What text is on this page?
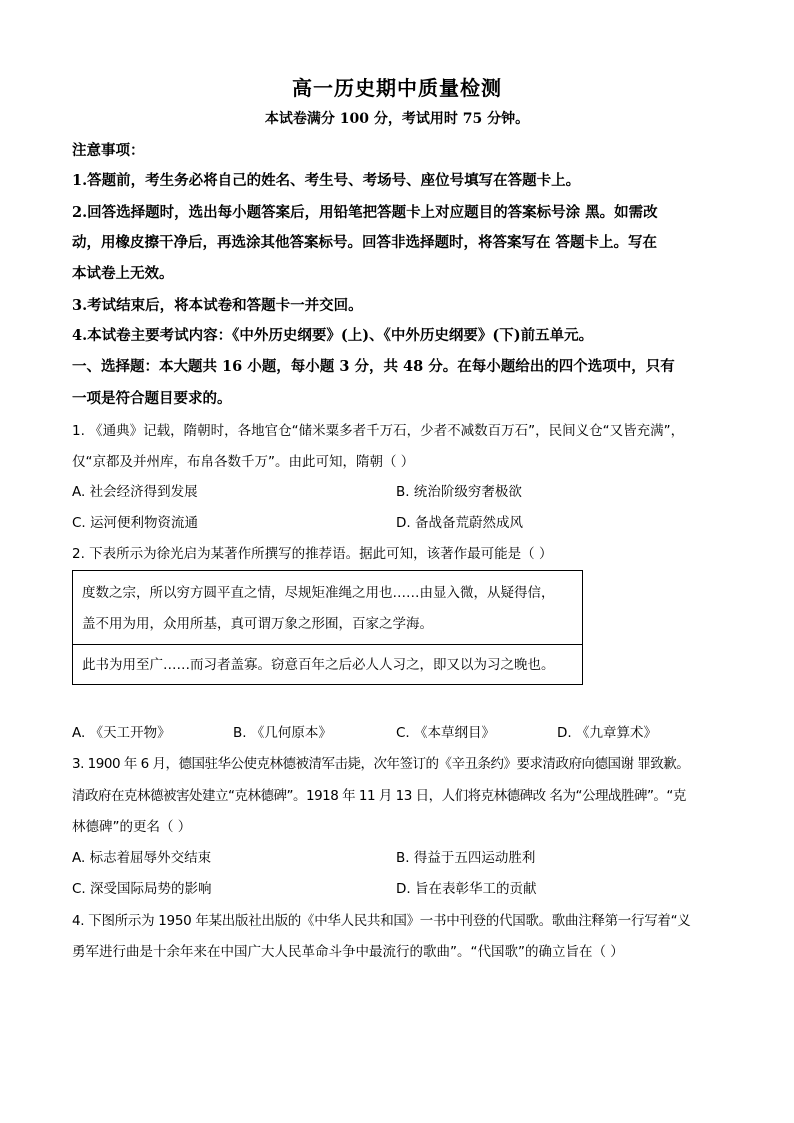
高一历史期中质量检测
本试卷满分 100 分，考试用时 75 分钟。
注意事项：
1.答题前，考生务必将自己的姓名、考生号、考场号、座位号填写在答题卡上。
2.回答选择题时，选出每小题答案后，用铅笔把答题卡上对应题目的答案标号涂 黑。如需改
动，用橡皮擦干净后，再选涂其他答案标号。回答非选择题时，将答案写在 答题卡上。写在
本试卷上无效。
3.考试结束后，将本试卷和答题卡一并交回。
4.本试卷主要考试内容：《中外历史纲要》(上)、《中外历史纲要》(下)前五单元。
一、选择题：本大题共 16 小题，每小题 3 分，共 48 分。在每小题给出的四个选项中，只有
一项是符合题目要求的。
1. 《通典》记载，隋朝时，各地官仓“储米粟多者千万石，少者不减数百万石”，民间义仓“又皆充满”，
仅“京都及并州库，布帛各数千万”。由此可知，隋朝（ ）
A. 社会经济得到发展	B. 统治阶级穷奢极欲
C. 运河便利物资流通	D. 备战备荒蔚然成风
2. 下表所示为徐光启为某著作所撰写的推荐语。据此可知，该著作最可能是（ ）
度数之宗，所以穷方圆平直之情，尽规矩准绳之用也……由显入微，从疑得信，
盖不用为用，众用所基，真可谓万象之形囿，百家之学海。
此书为用至广……而习者盖寡。窃意百年之后必人人习之，即又以为习之晚也。
A. 《天工开物》	B. 《几何原本》	C. 《本草纲目》	D. 《九章算术》
3. 1900 年 6 月，德国驻华公使克林德被清军击毙，次年签订的《辛丑条约》要求清政府向德国谢 罪致歉。
清政府在克林德被害处建立“克林德碑”。1918 年 11 月 13 日，人们将克林德碑改 名为“公理战胜碑”。“克
林德碑”的更名（ ）
A. 标志着屈辱外交结束	B. 得益于五四运动胜利
C. 深受国际局势的影响	D. 旨在表彰华工的贡献
4. 下图所示为 1950 年某出版社出版的《中华人民共和国》一书中刊登的代国歌。歌曲注释第一行写着“义
勇军进行曲是十余年来在中国广大人民革命斗争中最流行的歌曲”。“代国歌”的确立旨在（ ）
